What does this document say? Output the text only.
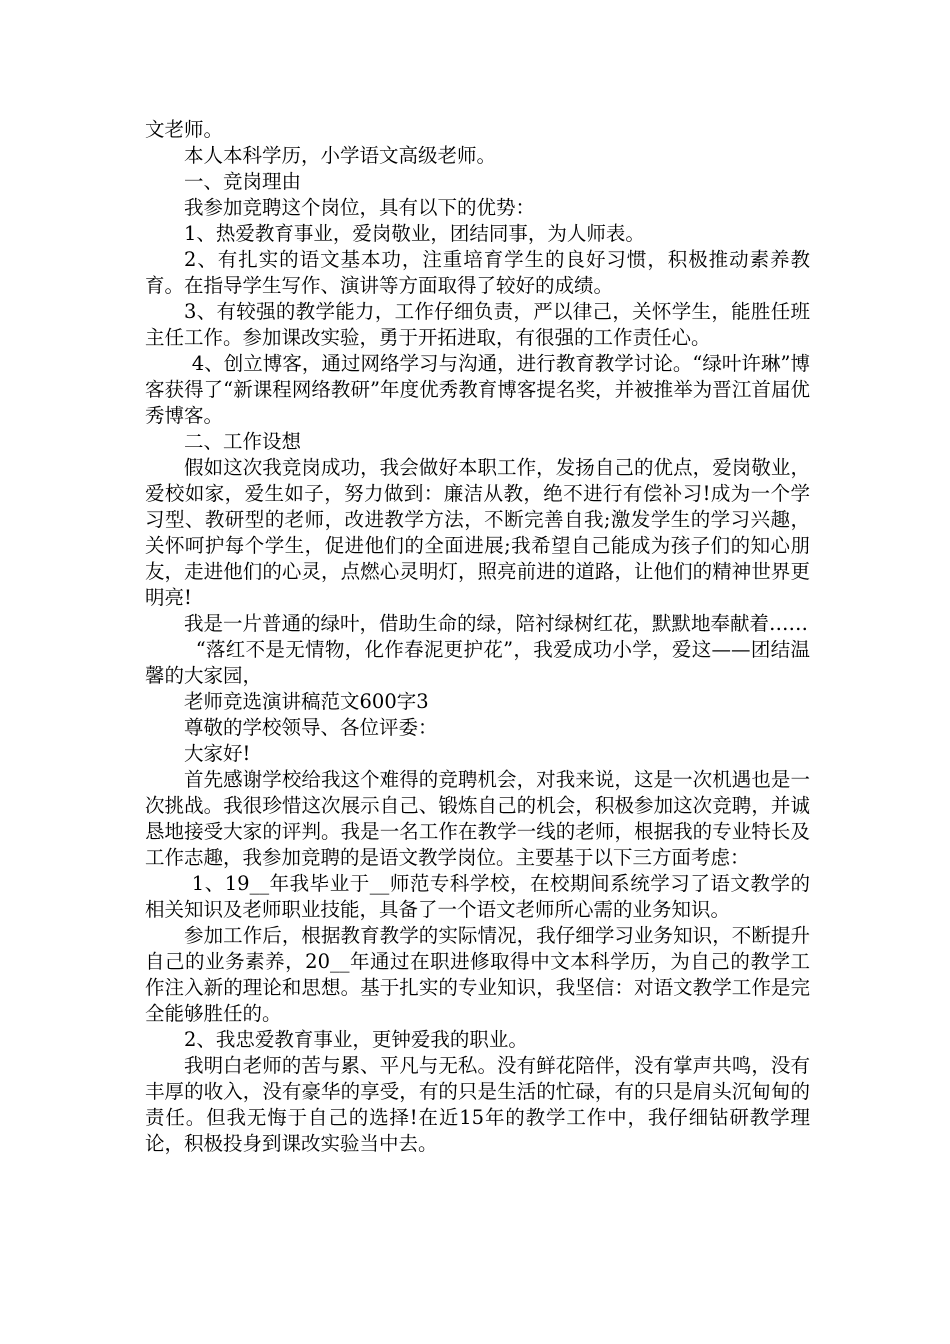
文老师。

本人本科学历，小学语文高级老师。

一、竞岗理由

我参加竞聘这个岗位，具有以下的优势：

1、热爱教育事业，爱岗敬业，团结同事，为人师表。

2、有扎实的语文基本功，注重培育学生的良好习惯，积极推动素养教育。在指导学生写作、演讲等方面取得了较好的成绩。

3、有较强的教学能力，工作仔细负责，严以律己，关怀学生，能胜任班主任工作。参加课改实验，勇于开拓进取，有很强的工作责任心。

4、创立博客，通过网络学习与沟通，进行教育教学讨论。“绿叶许琳”博客获得了“新课程网络教研”年度优秀教育博客提名奖，并被推举为晋江首届优秀博客。

二、工作设想

假如这次我竞岗成功，我会做好本职工作，发扬自己的优点，爱岗敬业，爱校如家，爱生如子，努力做到：廉洁从教，绝不进行有偿补习!成为一个学习型、教研型的老师，改进教学方法，不断完善自我;激发学生的学习兴趣，关怀呵护每个学生，促进他们的全面进展;我希望自己能成为孩子们的知心朋友，走进他们的心灵，点燃心灵明灯，照亮前进的道路，让他们的精神世界更明亮!

我是一片普通的绿叶，借助生命的绿，陪衬绿树红花，默默地奉献着……

“落红不是无情物，化作春泥更护花”，我爱成功小学，爱这——团结温馨的大家园，

老师竞选演讲稿范文600字3

尊敬的学校领导、各位评委：

大家好!

首先感谢学校给我这个难得的竞聘机会，对我来说，这是一次机遇也是一次挑战。我很珍惜这次展示自己、锻炼自己的机会，积极参加这次竞聘，并诚恳地接受大家的评判。我是一名工作在教学一线的老师，根据我的专业特长及工作志趣，我参加竞聘的是语文教学岗位。主要基于以下三方面考虑：

1、19__年我毕业于__师范专科学校，在校期间系统学习了语文教学的相关知识及老师职业技能，具备了一个语文老师所心需的业务知识。

参加工作后，根据教育教学的实际情况，我仔细学习业务知识，不断提升自己的业务素养，20__年通过在职进修取得中文本科学历，为自己的教学工作注入新的理论和思想。基于扎实的专业知识，我坚信：对语文教学工作是完全能够胜任的。

2、我忠爱教育事业，更钟爱我的职业。

我明白老师的苦与累、平凡与无私。没有鲜花陪伴，没有掌声共鸣，没有丰厚的收入，没有豪华的享受，有的只是生活的忙碌，有的只是肩头沉甸甸的责任。但我无悔于自己的选择!在近15年的教学工作中，我仔细钻研教学理论，积极投身到课改实验当中去。
